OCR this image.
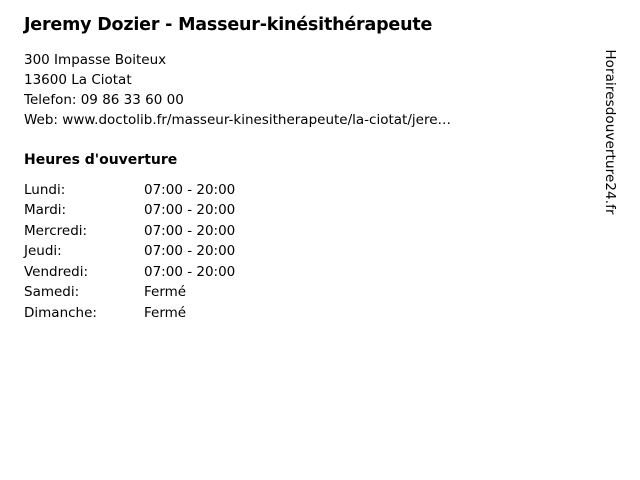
Jeremy Dozier - Masseur-kinésithérapeute

300 Impasse Boiteux

13600 La Ciotat

Telefon: 09 86 33 60 00

Web: www.doctolib.fr/masseur-kinesitherapeute/la-ciotat/jere…

Heures d'ouverture
Lundi:	07:00 - 20:00
Mardi:	07:00 - 20:00
Mercredi:	07:00 - 20:00
Jeudi:	07:00 - 20:00
Vendredi:	07:00 - 20:00
Samedi:	Fermé
Dimanche:	Fermé
Horairesdouverture24.fr
